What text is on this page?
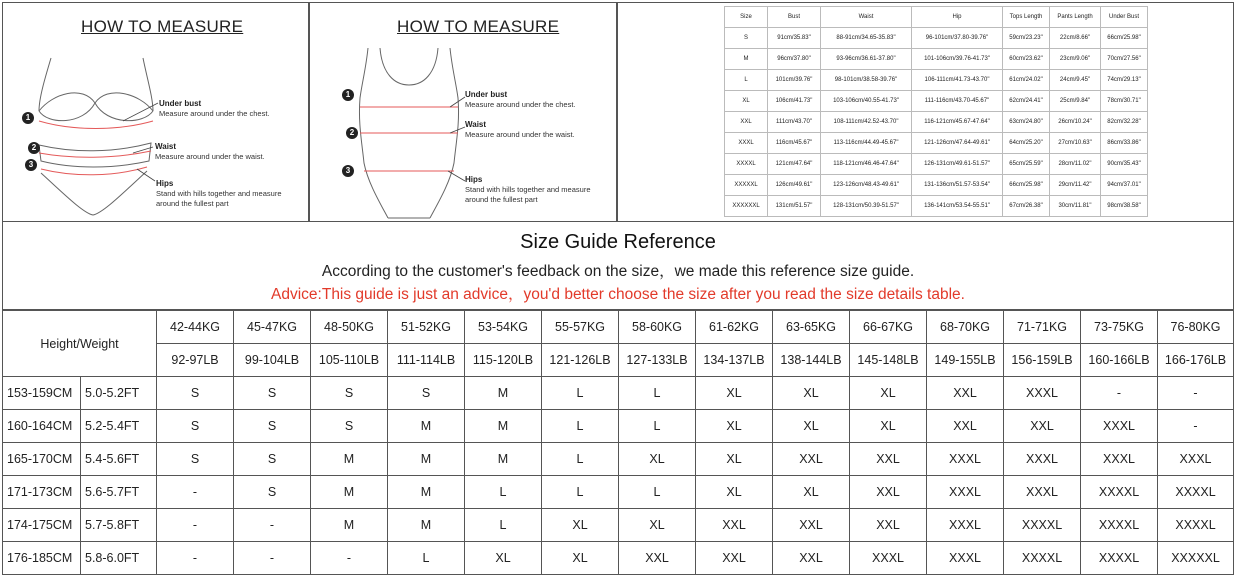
HOW TO MEASURE
1
2
3
Under bust
Measure around under the chest.
Waist
Measure around under the waist.
Hips
Stand with hills together and measure
around the fullest part
HOW TO MEASURE
1
2
3
Under bust
Measure around under the chest.
Waist
Measure around under the waist.
Hips
Stand with hills together and measure
around the fullest part
Size	Bust	Waist	Hip	Tops Length	Pants Length	Under Bust
S	91cm/35.83"	88-91cm/34.65-35.83"	96-101cm/37.80-39.76"	59cm/23.23"	22cm/8.66"	66cm/25.98"
M	96cm/37.80"	93-96cm/36.61-37.80"	101-106cm/39.76-41.73"	60cm/23.62"	23cm/9.06"	70cm/27.56"
L	101cm/39.76"	98-101cm/38.58-39.76"	106-111cm/41.73-43.70"	61cm/24.02"	24cm/9.45"	74cm/29.13"
XL	106cm/41.73"	103-106cm/40.55-41.73"	111-116cm/43.70-45.67"	62cm/24.41"	25cm/9.84"	78cm/30.71"
XXL	111cm/43.70"	108-111cm/42.52-43.70"	116-121cm/45.67-47.64"	63cm/24.80"	26cm/10.24"	82cm/32.28"
XXXL	116cm/45.67"	113-116cm/44.49-45.67"	121-126cm/47.64-49.61"	64cm/25.20"	27cm/10.63"	86cm/33.86"
XXXXL	121cm/47.64"	118-121cm/46.46-47.64"	126-131cm/49.61-51.57"	65cm/25.59"	28cm/11.02"	90cm/35.43"
XXXXXL	126cm/49.61"	123-126cm/48.43-49.61"	131-136cm/51.57-53.54"	66cm/25.98"	29cm/11.42"	94cm/37.01"
XXXXXXL	131cm/51.57"	128-131cm/50.39-51.57"	136-141cm/53.54-55.51"	67cm/26.38"	30cm/11.81"	98cm/38.58"
Size Guide Reference
According to the customer's feedback on the size，we made this reference size guide.
Advice:This guide is just an advice，you'd better choose the size after you read the size details table.
Height/Weight		42-44KG	45-47KG	48-50KG	51-52KG	53-54KG	55-57KG	58-60KG	61-62KG	63-65KG	66-67KG	68-70KG	71-71KG	73-75KG	76-80KG
		92-97LB	99-104LB	105-110LB	111-114LB	115-120LB	121-126LB	127-133LB	134-137LB	138-144LB	145-148LB	149-155LB	156-159LB	160-166LB	166-176LB
153-159CM	5.0-5.2FT	S	S	S	S	M	L	L	XL	XL	XL	XXL	XXXL	-	-
160-164CM	5.2-5.4FT	S	S	S	M	M	L	L	XL	XL	XL	XXL	XXL	XXXL	-
165-170CM	5.4-5.6FT	S	S	M	M	M	L	XL	XL	XXL	XXL	XXXL	XXXL	XXXL	XXXL
171-173CM	5.6-5.7FT	-	S	M	M	L	L	L	XL	XL	XXL	XXXL	XXXL	XXXXL	XXXXL
174-175CM	5.7-5.8FT	-	-	M	M	L	XL	XL	XXL	XXL	XXL	XXXL	XXXXL	XXXXL	XXXXL
176-185CM	5.8-6.0FT	-	-	-	L	XL	XL	XXL	XXL	XXL	XXXL	XXXL	XXXXL	XXXXL	XXXXXL
